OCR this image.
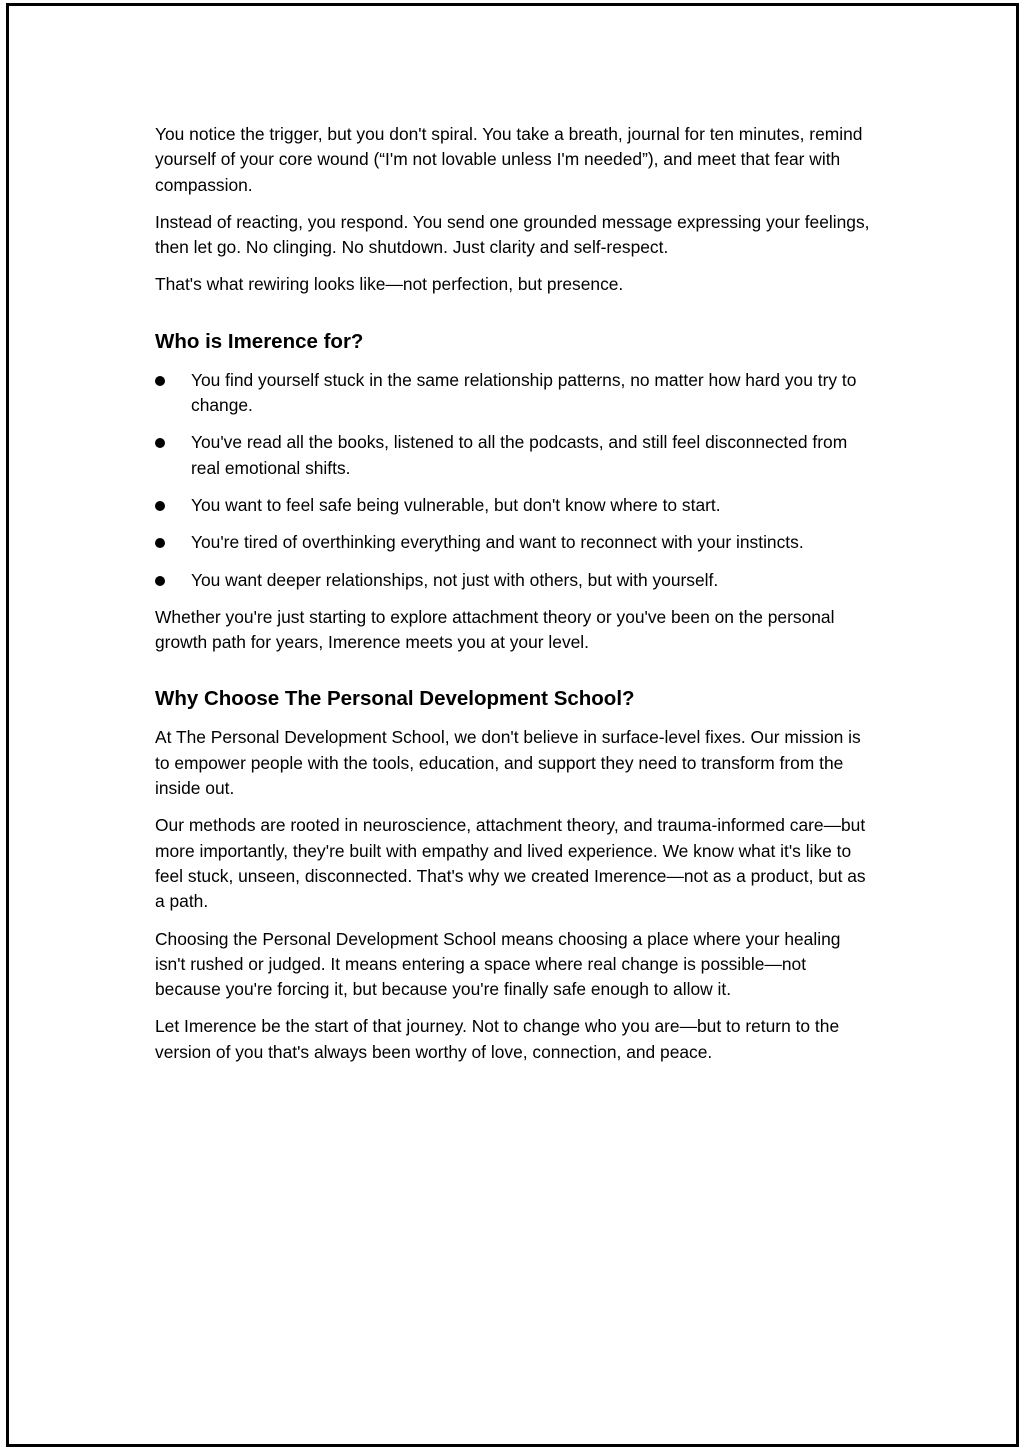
You notice the trigger, but you don't spiral. You take a breath, journal for ten minutes, remind yourself of your core wound (“I'm not lovable unless I'm needed”), and meet that fear with compassion.

Instead of reacting, you respond. You send one grounded message expressing your feelings, then let go. No clinging. No shutdown. Just clarity and self-respect.

That's what rewiring looks like—not perfection, but presence.

Who is Imerence for?
You find yourself stuck in the same relationship patterns, no matter how hard you try to change.
You've read all the books, listened to all the podcasts, and still feel disconnected from real emotional shifts.
You want to feel safe being vulnerable, but don't know where to start.
You're tired of overthinking everything and want to reconnect with your instincts.
You want deeper relationships, not just with others, but with yourself.

Whether you're just starting to explore attachment theory or you've been on the personal growth path for years, Imerence meets you at your level.

Why Choose The Personal Development School?

At The Personal Development School, we don't believe in surface-level fixes. Our mission is to empower people with the tools, education, and support they need to transform from the inside out.

Our methods are rooted in neuroscience, attachment theory, and trauma-informed care—but more importantly, they're built with empathy and lived experience. We know what it's like to feel stuck, unseen, disconnected. That's why we created Imerence—not as a product, but as a path.

Choosing the Personal Development School means choosing a place where your healing isn't rushed or judged. It means entering a space where real change is possible—not because you're forcing it, but because you're finally safe enough to allow it.

Let Imerence be the start of that journey. Not to change who you are—but to return to the version of you that's always been worthy of love, connection, and peace.
